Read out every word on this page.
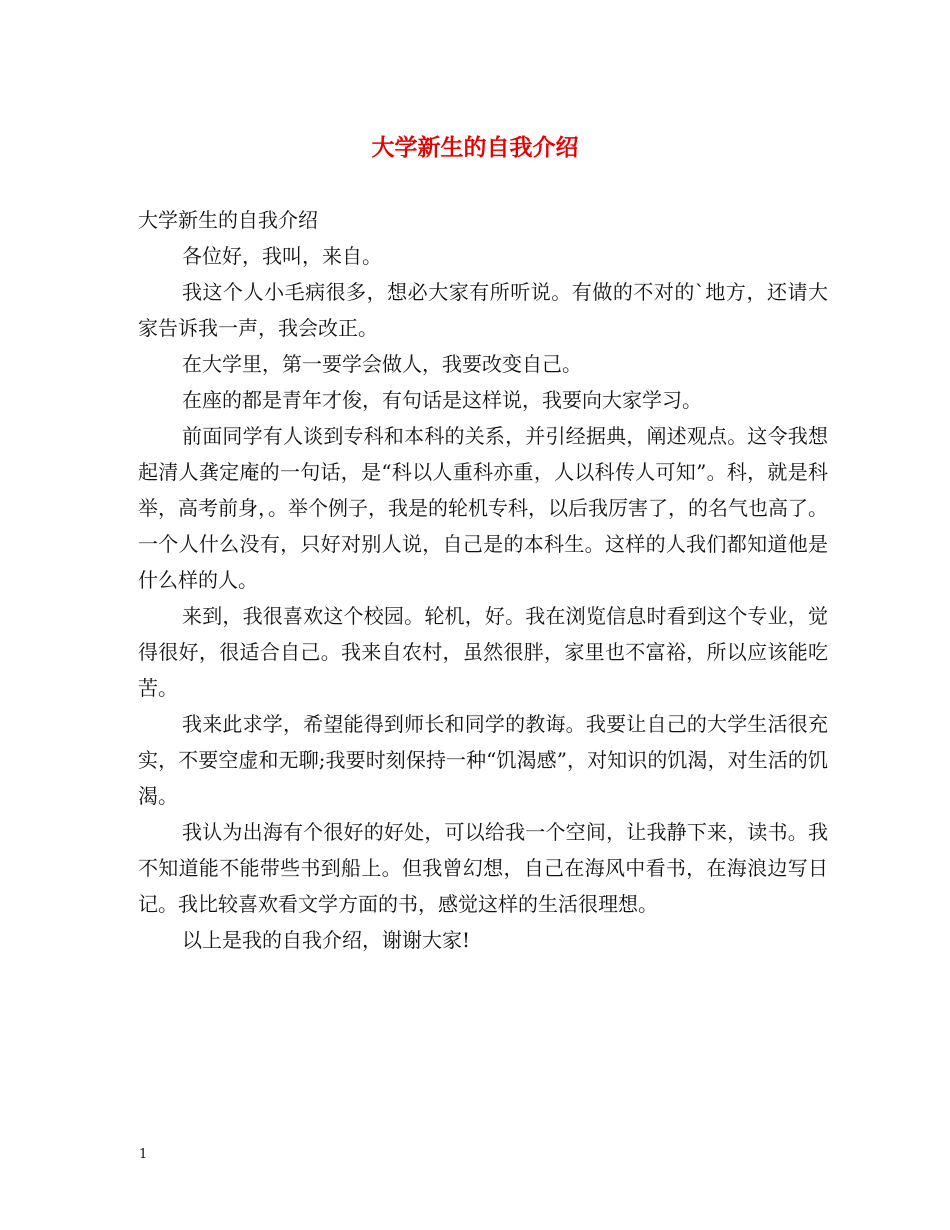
大学新生的自我介绍

大学新生的自我介绍

各位好，我叫，来自。

我这个人小毛病很多，想必大家有所听说。有做的不对的`地方，还请大家告诉我一声，我会改正。

在大学里，第一要学会做人，我要改变自己。

在座的都是青年才俊，有句话是这样说，我要向大家学习。

前面同学有人谈到专科和本科的关系，并引经据典，阐述观点。这令我想起清人龚定庵的一句话，是“科以人重科亦重，人以科传人可知”。科，就是科举，高考前身，。举个例子，我是的轮机专科，以后我厉害了，的名气也高了。一个人什么没有，只好对别人说，自己是的本科生。这样的人我们都知道他是什么样的人。

来到，我很喜欢这个校园。轮机，好。我在浏览信息时看到这个专业，觉得很好，很适合自己。我来自农村，虽然很胖，家里也不富裕，所以应该能吃苦。

我来此求学，希望能得到师长和同学的教诲。我要让自己的大学生活很充实，不要空虚和无聊;我要时刻保持一种“饥渴感”，对知识的饥渴，对生活的饥渴。

我认为出海有个很好的好处，可以给我一个空间，让我静下来，读书。我不知道能不能带些书到船上。但我曾幻想，自己在海风中看书，在海浪边写日记。我比较喜欢看文学方面的书，感觉这样的生活很理想。

以上是我的自我介绍，谢谢大家!

1
